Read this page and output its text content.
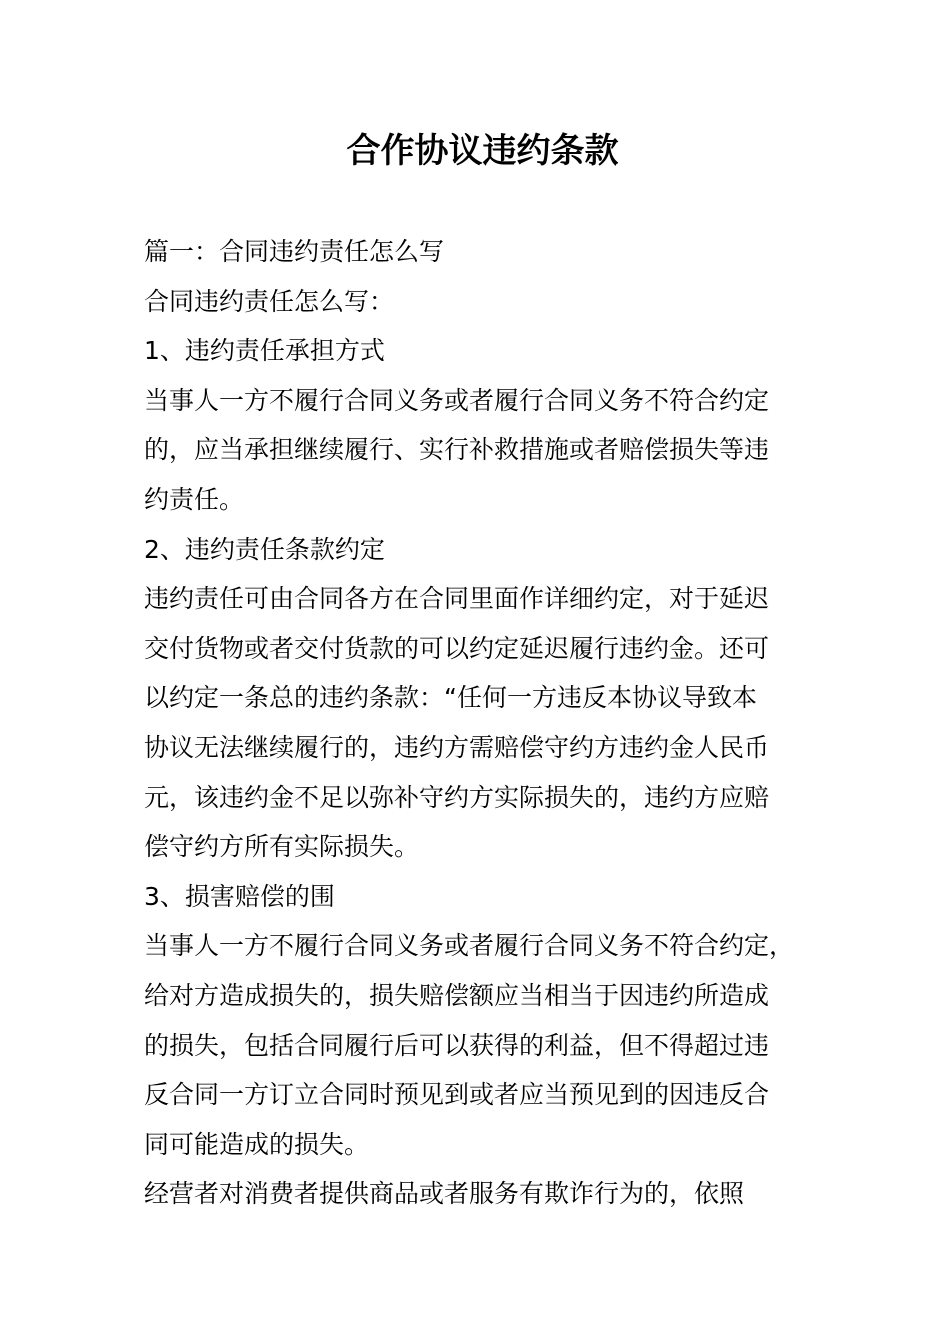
合作协议违约条款
篇一：合同违约责任怎么写
合同违约责任怎么写：
1、违约责任承担方式
当事人一方不履行合同义务或者履行合同义务不符合约定
的，应当承担继续履行、实行补救措施或者赔偿损失等违
约责任。
2、违约责任条款约定
违约责任可由合同各方在合同里面作详细约定，对于延迟
交付货物或者交付货款的可以约定延迟履行违约金。还可
以约定一条总的违约条款：“任何一方违反本协议导致本
协议无法继续履行的，违约方需赔偿守约方违约金人民币
元，该违约金不足以弥补守约方实际损失的，违约方应赔
偿守约方所有实际损失。
3、损害赔偿的围
当事人一方不履行合同义务或者履行合同义务不符合约定，
给对方造成损失的，损失赔偿额应当相当于因违约所造成
的损失，包括合同履行后可以获得的利益，但不得超过违
反合同一方订立合同时预见到或者应当预见到的因违反合
同可能造成的损失。
经营者对消费者提供商品或者服务有欺诈行为的，依照
